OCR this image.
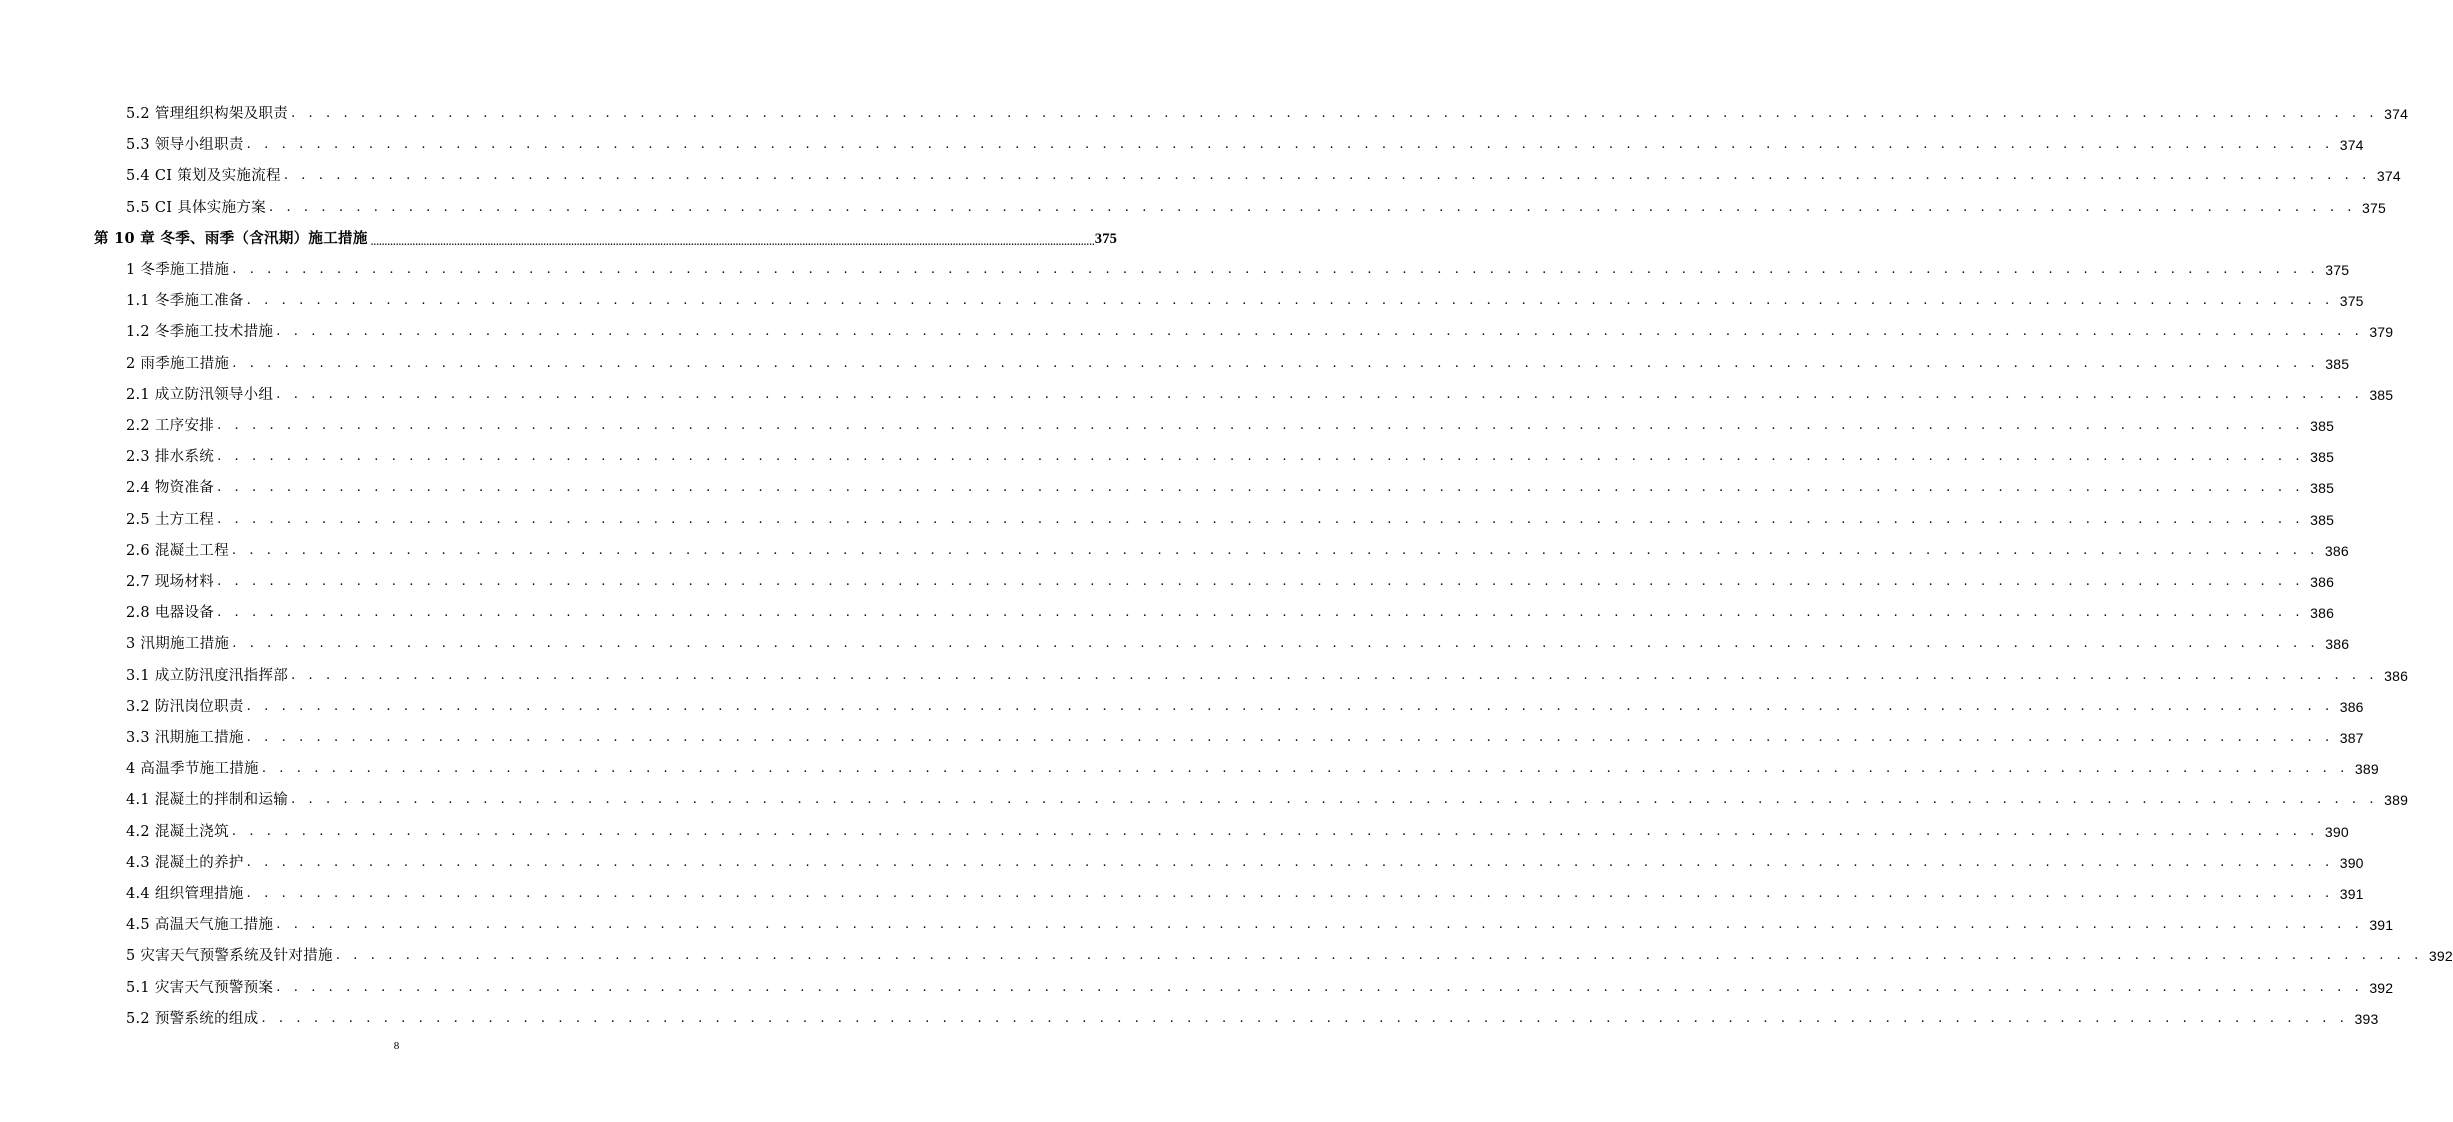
5.2 管理组织构架及职责 . . . . . . . . . . . . . . . . . . . . . . . . . . . . . . . . . . . . . . . . . . . . . . . . . . . . . . . . . . . . . . . . . . . . . . . . . . . . . . . . . . . . . . . . . . . . . . . . . . . . . . . . . . . . . . . . . . . . . . . . 374
5.3 领导小组职责 . . . . . . . . . . . . . . . . . . . . . . . . . . . . . . . . . . . . . . . . . . . . . . . . . . . . . . . . . . . . . . . . . . . . . . . . . . . . . . . . . . . . . . . . . . . . . . . . . . . . . . . . . . . . . . . . . . . . . . . . 374
5.4 CI 策划及实施流程 . . . . . . . . . . . . . . . . . . . . . . . . . . . . . . . . . . . . . . . . . . . . . . . . . . . . . . . . . . . . . . . . . . . . . . . . . . . . . . . . . . . . . . . . . . . . . . . . . . . . . . . . . . . . . . . . . . . . . . . . 374
5.5 CI 具体实施方案 . . . . . . . . . . . . . . . . . . . . . . . . . . . . . . . . . . . . . . . . . . . . . . . . . . . . . . . . . . . . . . . . . . . . . . . . . . . . . . . . . . . . . . . . . . . . . . . . . . . . . . . . . . . . . . . . . . . . . . . . 375
第 10 章 冬季、雨季（含汛期）施工措施 .................................................................................................................................................................................................................................................................... 375
1 冬季施工措施 . . . . . . . . . . . . . . . . . . . . . . . . . . . . . . . . . . . . . . . . . . . . . . . . . . . . . . . . . . . . . . . . . . . . . . . . . . . . . . . . . . . . . . . . . . . . . . . . . . . . . . . . . . . . . . . . . . . . . . . . 375
1.1 冬季施工准备 . . . . . . . . . . . . . . . . . . . . . . . . . . . . . . . . . . . . . . . . . . . . . . . . . . . . . . . . . . . . . . . . . . . . . . . . . . . . . . . . . . . . . . . . . . . . . . . . . . . . . . . . . . . . . . . . . . . . . . . . 375
1.2 冬季施工技术措施 . . . . . . . . . . . . . . . . . . . . . . . . . . . . . . . . . . . . . . . . . . . . . . . . . . . . . . . . . . . . . . . . . . . . . . . . . . . . . . . . . . . . . . . . . . . . . . . . . . . . . . . . . . . . . . . . . . . . . . . . 379
2 雨季施工措施 . . . . . . . . . . . . . . . . . . . . . . . . . . . . . . . . . . . . . . . . . . . . . . . . . . . . . . . . . . . . . . . . . . . . . . . . . . . . . . . . . . . . . . . . . . . . . . . . . . . . . . . . . . . . . . . . . . . . . . . . 385
2.1 成立防汛领导小组 . . . . . . . . . . . . . . . . . . . . . . . . . . . . . . . . . . . . . . . . . . . . . . . . . . . . . . . . . . . . . . . . . . . . . . . . . . . . . . . . . . . . . . . . . . . . . . . . . . . . . . . . . . . . . . . . . . . . . . . . 385
2.2 工序安排 . . . . . . . . . . . . . . . . . . . . . . . . . . . . . . . . . . . . . . . . . . . . . . . . . . . . . . . . . . . . . . . . . . . . . . . . . . . . . . . . . . . . . . . . . . . . . . . . . . . . . . . . . . . . . . . . . . . . . . . . 385
2.3 排水系统 . . . . . . . . . . . . . . . . . . . . . . . . . . . . . . . . . . . . . . . . . . . . . . . . . . . . . . . . . . . . . . . . . . . . . . . . . . . . . . . . . . . . . . . . . . . . . . . . . . . . . . . . . . . . . . . . . . . . . . . . 385
2.4 物资准备 . . . . . . . . . . . . . . . . . . . . . . . . . . . . . . . . . . . . . . . . . . . . . . . . . . . . . . . . . . . . . . . . . . . . . . . . . . . . . . . . . . . . . . . . . . . . . . . . . . . . . . . . . . . . . . . . . . . . . . . . 385
2.5 土方工程 . . . . . . . . . . . . . . . . . . . . . . . . . . . . . . . . . . . . . . . . . . . . . . . . . . . . . . . . . . . . . . . . . . . . . . . . . . . . . . . . . . . . . . . . . . . . . . . . . . . . . . . . . . . . . . . . . . . . . . . . 385
2.6 混凝土工程 . . . . . . . . . . . . . . . . . . . . . . . . . . . . . . . . . . . . . . . . . . . . . . . . . . . . . . . . . . . . . . . . . . . . . . . . . . . . . . . . . . . . . . . . . . . . . . . . . . . . . . . . . . . . . . . . . . . . . . . . 386
2.7 现场材料 . . . . . . . . . . . . . . . . . . . . . . . . . . . . . . . . . . . . . . . . . . . . . . . . . . . . . . . . . . . . . . . . . . . . . . . . . . . . . . . . . . . . . . . . . . . . . . . . . . . . . . . . . . . . . . . . . . . . . . . . 386
2.8 电器设备 . . . . . . . . . . . . . . . . . . . . . . . . . . . . . . . . . . . . . . . . . . . . . . . . . . . . . . . . . . . . . . . . . . . . . . . . . . . . . . . . . . . . . . . . . . . . . . . . . . . . . . . . . . . . . . . . . . . . . . . . 386
3 汛期施工措施 . . . . . . . . . . . . . . . . . . . . . . . . . . . . . . . . . . . . . . . . . . . . . . . . . . . . . . . . . . . . . . . . . . . . . . . . . . . . . . . . . . . . . . . . . . . . . . . . . . . . . . . . . . . . . . . . . . . . . . . . 386
3.1 成立防汛度汛指挥部 . . . . . . . . . . . . . . . . . . . . . . . . . . . . . . . . . . . . . . . . . . . . . . . . . . . . . . . . . . . . . . . . . . . . . . . . . . . . . . . . . . . . . . . . . . . . . . . . . . . . . . . . . . . . . . . . . . . . . . . . 386
3.2 防汛岗位职责 . . . . . . . . . . . . . . . . . . . . . . . . . . . . . . . . . . . . . . . . . . . . . . . . . . . . . . . . . . . . . . . . . . . . . . . . . . . . . . . . . . . . . . . . . . . . . . . . . . . . . . . . . . . . . . . . . . . . . . . . 386
3.3 汛期施工措施 . . . . . . . . . . . . . . . . . . . . . . . . . . . . . . . . . . . . . . . . . . . . . . . . . . . . . . . . . . . . . . . . . . . . . . . . . . . . . . . . . . . . . . . . . . . . . . . . . . . . . . . . . . . . . . . . . . . . . . . . 387
4 高温季节施工措施 . . . . . . . . . . . . . . . . . . . . . . . . . . . . . . . . . . . . . . . . . . . . . . . . . . . . . . . . . . . . . . . . . . . . . . . . . . . . . . . . . . . . . . . . . . . . . . . . . . . . . . . . . . . . . . . . . . . . . . . . 389
4.1 混凝土的拌制和运输 . . . . . . . . . . . . . . . . . . . . . . . . . . . . . . . . . . . . . . . . . . . . . . . . . . . . . . . . . . . . . . . . . . . . . . . . . . . . . . . . . . . . . . . . . . . . . . . . . . . . . . . . . . . . . . . . . . . . . . . . 389
4.2 混凝土浇筑 . . . . . . . . . . . . . . . . . . . . . . . . . . . . . . . . . . . . . . . . . . . . . . . . . . . . . . . . . . . . . . . . . . . . . . . . . . . . . . . . . . . . . . . . . . . . . . . . . . . . . . . . . . . . . . . . . . . . . . . . 390
4.3 混凝土的养护 . . . . . . . . . . . . . . . . . . . . . . . . . . . . . . . . . . . . . . . . . . . . . . . . . . . . . . . . . . . . . . . . . . . . . . . . . . . . . . . . . . . . . . . . . . . . . . . . . . . . . . . . . . . . . . . . . . . . . . . . 390
4.4 组织管理措施 . . . . . . . . . . . . . . . . . . . . . . . . . . . . . . . . . . . . . . . . . . . . . . . . . . . . . . . . . . . . . . . . . . . . . . . . . . . . . . . . . . . . . . . . . . . . . . . . . . . . . . . . . . . . . . . . . . . . . . . . 391
4.5 高温天气施工措施 . . . . . . . . . . . . . . . . . . . . . . . . . . . . . . . . . . . . . . . . . . . . . . . . . . . . . . . . . . . . . . . . . . . . . . . . . . . . . . . . . . . . . . . . . . . . . . . . . . . . . . . . . . . . . . . . . . . . . . . . 391
5 灾害天气预警系统及针对措施 . . . . . . . . . . . . . . . . . . . . . . . . . . . . . . . . . . . . . . . . . . . . . . . . . . . . . . . . . . . . . . . . . . . . . . . . . . . . . . . . . . . . . . . . . . . . . . . . . . . . . . . . . . . . . . . . . . . . . . . . 392
5.1 灾害天气预警预案 . . . . . . . . . . . . . . . . . . . . . . . . . . . . . . . . . . . . . . . . . . . . . . . . . . . . . . . . . . . . . . . . . . . . . . . . . . . . . . . . . . . . . . . . . . . . . . . . . . . . . . . . . . . . . . . . . . . . . . . . 392
5.2 预警系统的组成 . . . . . . . . . . . . . . . . . . . . . . . . . . . . . . . . . . . . . . . . . . . . . . . . . . . . . . . . . . . . . . . . . . . . . . . . . . . . . . . . . . . . . . . . . . . . . . . . . . . . . . . . . . . . . . . . . . . . . . . . 393
8
